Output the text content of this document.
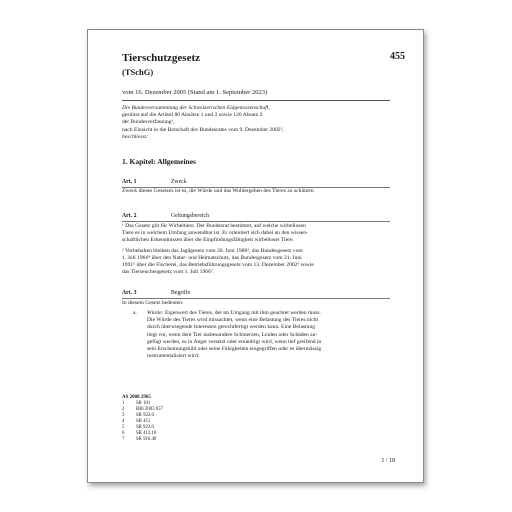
Tierschutzgesetz
(TSchG)
455
vom 16. Dezember 2005 (Stand am 1. September 2023)
Die Bundesversammlung der Schweizerischen Eidgenossenschaft,
gestützt auf die Artikel 80 Absätze 1 und 2 sowie 120 Absatz 2
der Bundesverfassung¹,
nach Einsicht in die Botschaft des Bundesrates vom 9. Dezember 2002²,
beschliesst:
1. Kapitel: Allgemeines
Art. 1	Zweck
Zweck dieses Gesetzes ist es, die Würde und das Wohlergehen des Tieres zu schützen.
Art. 2	Geltungsbereich
¹ Das Gesetz gilt für Wirbeltiere. Der Bundesrat bestimmt, auf welche wirbellosen
Tiere es in welchem Umfang anwendbar ist. Er orientiert sich dabei an den wissen-
schaftlichen Erkenntnissen über die Empfindungsfähigkeit wirbelloser Tiere.
² Vorbehalten bleiben das Jagdgesetz vom 20. Juni 1986³, das Bundesgesetz vom
1. Juli 1966⁴ über den Natur- und Heimatschutz, das Bundesgesetz vom 21. Juni
1991⁵ über die Fischerei, das Betriebsführungsgesetz vom 13. Dezember 2002⁶ sowie
das Tierseuchengesetz vom 1. Juli 1966⁷.
Art. 3	Begriffe
In diesem Gesetz bedeuten:
a. Würde: Eigenwert des Tieres, der im Umgang mit ihm geachtet werden muss.
Die Würde des Tieres wird missachtet, wenn eine Belastung des Tieres nicht
durch überwiegende Interessen gerechtfertigt werden kann. Eine Belastung
liegt vor, wenn dem Tier insbesondere Schmerzen, Leiden oder Schäden zu-
gefügt werden, es in Angst versetzt oder erniedrigt wird, wenn tief greifend in
sein Erscheinungsbild oder seine Fähigkeiten eingegriffen oder es übermässig
instrumentalisiert wird;
AS 2008 2965
1 SR 101
2 BBl 2003 657
3 SR 922.0
4 SR 451
5 SR 923.0
6 SR 412.10
7 SR 916.40
1 / 18
